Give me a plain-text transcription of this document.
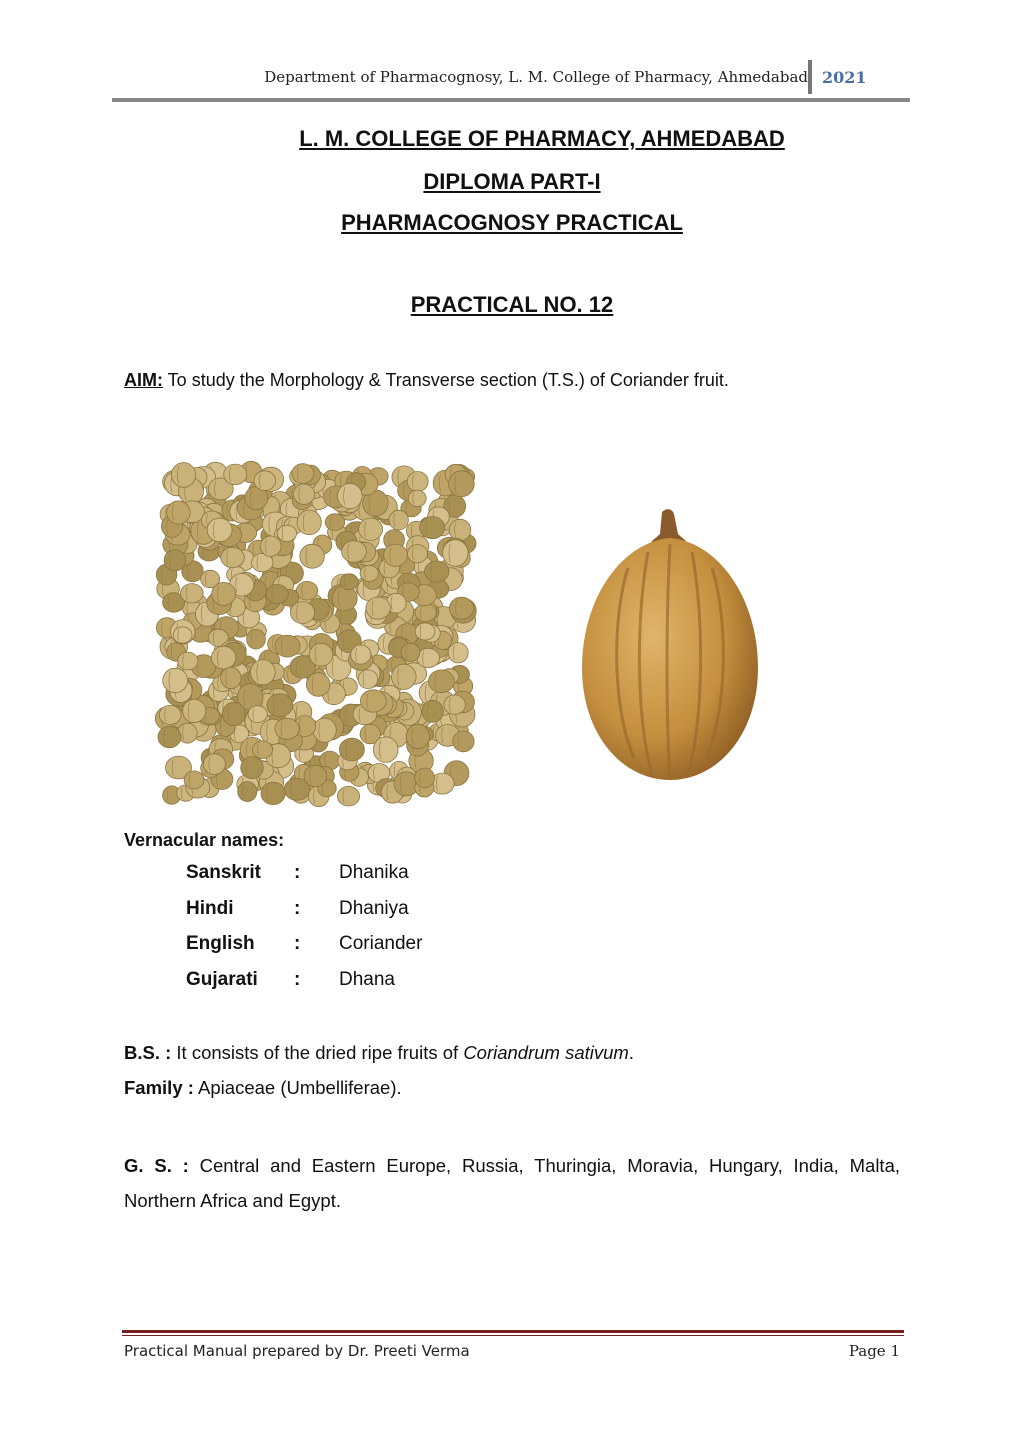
Department of Pharmacognosy, L. M. College of Pharmacy, Ahmedabad 2021
L. M. COLLEGE OF PHARMACY, AHMEDABAD
DIPLOMA PART-I
PHARMACOGNOSY PRACTICAL
PRACTICAL NO. 12
AIM: To study the Morphology & Transverse section (T.S.) of Coriander fruit.
Vernacular names:
Sanskrit : Dhanika
Hindi	: Dhaniya
English : Coriander
Gujarati : Dhana
B.S. : It consists of the dried ripe fruits of Coriandrum sativum.
Family : Apiaceae (Umbelliferae).
G. S. : Central and Eastern Europe, Russia, Thuringia, Moravia, Hungary, India, Malta, Northern Africa and Egypt.
Practical Manual prepared by Dr. Preeti Verma	Page 1
